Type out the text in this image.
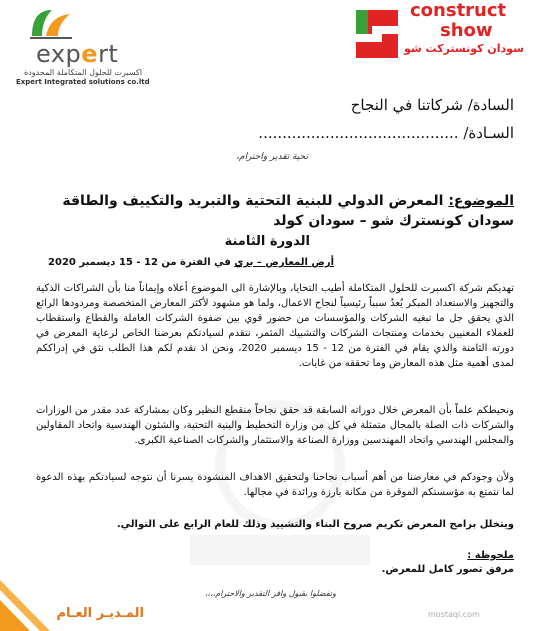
expert
اكسبرت للحلول المتكاملة المحدودة
Expert Integrated solutions co.ltd
construct
show
سودان كونستركت شو
السادة/ شركاتنا في النجاح
السـادة/ ..........................................
تحية تقدير واحترام،
الموضوع: المعرض الدولي للبنية التحتية والتبريد والتكييف والطاقة
سودان كونسترك شو – سودان كولد
الدورة الثامنة
أرض المعارض – بري في الفترة من 12 - 15 ديسمبر 2020
تهديكم شركة اكسبرت للحلول المتكاملة أطيب التحايا، وبالإشارة الى الموضوع أعلاه وإيماناً منا بأن الشراكات الذكية والتجهيز والاستعداد المبكر يُعدُ سبباً رئيسياً لنجاح الاعمال، ولما هو مشهود لأكثر المعارض المتخصصة ومردودها الرائع الذي يحقق جل ما تبغيه الشركات والمؤسسات من حضور قوي بين صفوة الشركات العاملة والقطاع واستقطاب للعملاء المعنيين بخدمات ومنتجات الشركات والتشبيك المثمر، نتقدم لسيادتكم بعرضنا الخاص لرعاية المعرض في دورته الثامنة والذي يقام في الفترة من 12 - 15 ديسمبر 2020، ونحن اذ نقدم لكم هذا الطلب نثق في إدراككم لمدى أهمية مثل هذه المعارض وما تحققه من غايات.
ونحيطكم علماً بأن المعرض خلال دوراته السابقة قد حقق نجاحاً منقطع النظير وكان بمشاركة عدد مقدر من الوزارات والشركات ذات الصلة بالمجال متمثلة في كل من وزارة التخطيط والبنية التحتية، والشئون الهندسية واتحاد المقاولين والمجلس الهندسي واتحاد المهندسين ووزارة الصناعة والاستثمار والشركات الصناعية الكبرى.
ولأن وجودكم في معارضنا من أهم أسباب نجاحنا ولتحقيق الاهداف المنشودة يسرنا أن نتوجه لسيادتكم بهذه الدعوة لما نتمتع به مؤسستكم الموقرة من مكانة بارزة ورائدة في مجالها.
ويتخلل برامج المعرض تكريم صروح البناء والتشييد وذلك للعام الرابع على التوالي.
ملحوظة :
مرفق تصور كامل للمعرض.
وتفضلوا بقبول وافر التقدير والاحترام،،،،
المـديـر العـام	mostaqi.com
